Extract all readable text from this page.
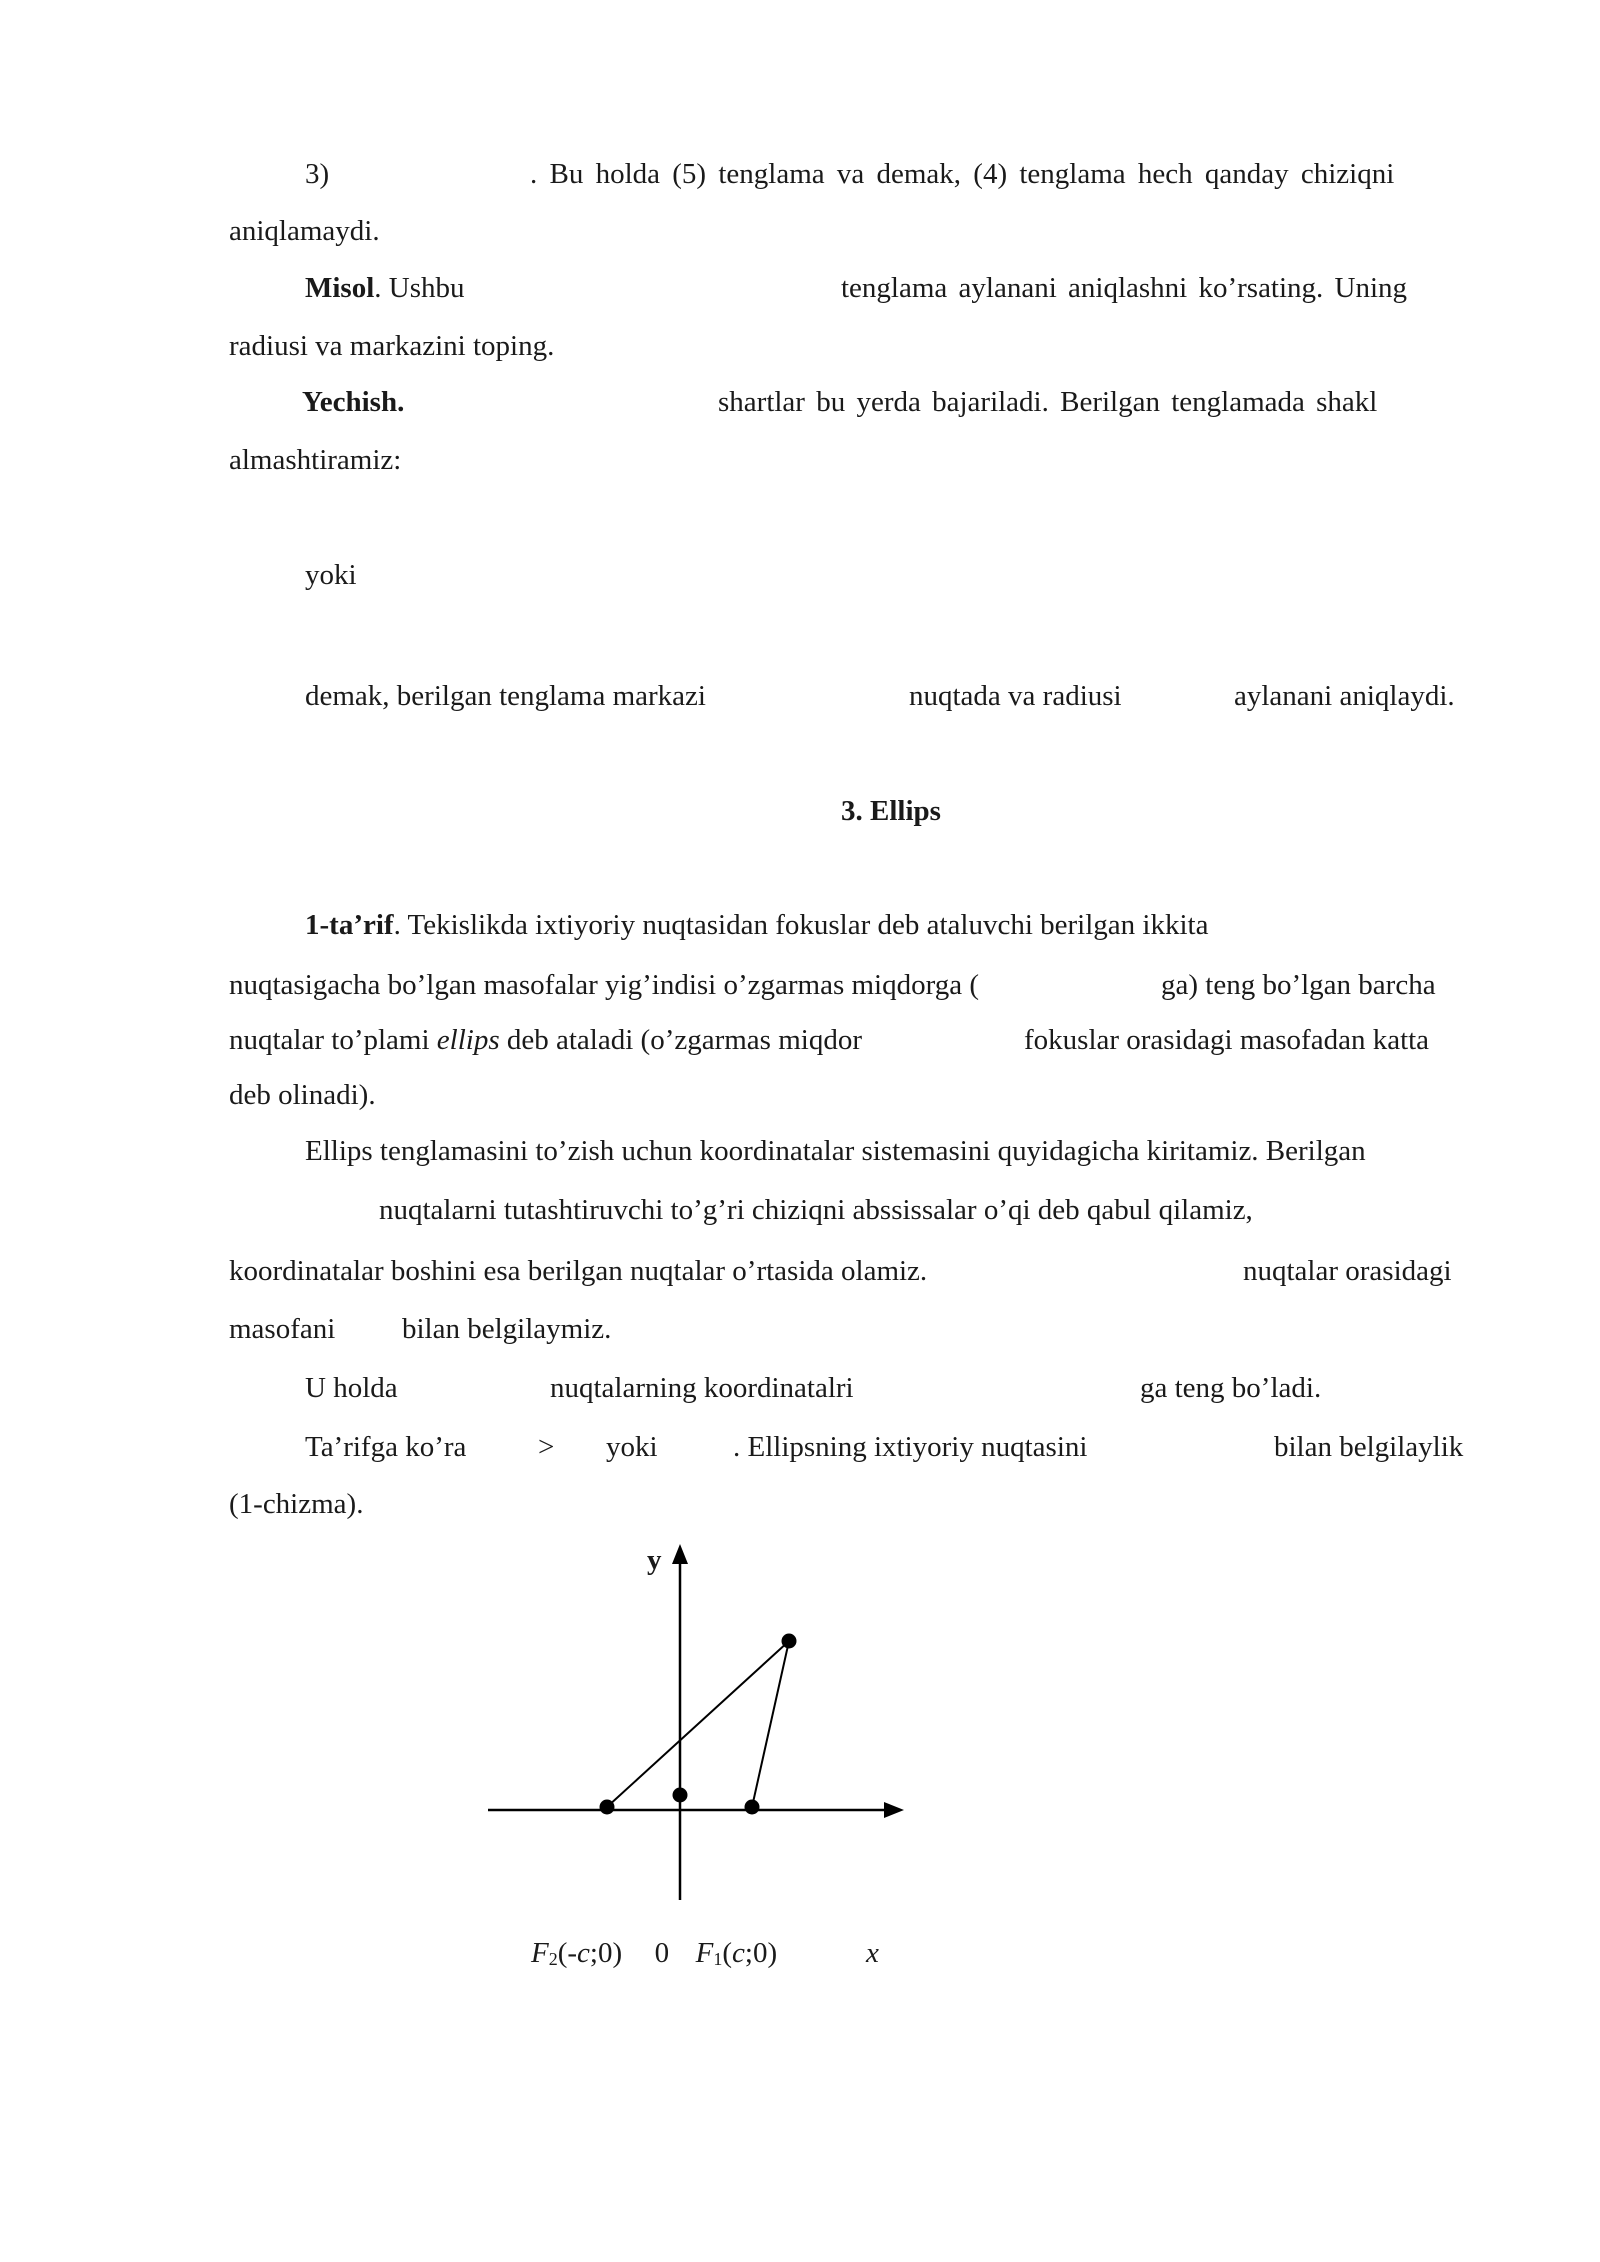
3)	. Bu holda (5) tenglama va demak, (4) tenglama hech qanday chiziqni
aniqlamaydi.
Misol. Ushbu	tenglama aylanani aniqlashni ko’rsating. Uning
radiusi va markazini toping.
Yechish.	shartlar bu yerda bajariladi. Berilgan tenglamada shakl
almashtiramiz:
yoki
demak, berilgan tenglama markazi	nuqtada va radiusi	aylanani aniqlaydi.
3. Ellips
1-ta’rif. Tekislikda ixtiyoriy nuqtasidan fokuslar deb ataluvchi berilgan ikkita
nuqtasigacha bo’lgan masofalar yig’indisi o’zgarmas miqdorga (	ga) teng bo’lgan barcha
nuqtalar to’plami ellips deb ataladi (o’zgarmas miqdor	fokuslar orasidagi masofadan katta
deb olinadi).
Ellips tenglamasini to’zish uchun koordinatalar sistemasini quyidagicha kiritamiz. Berilgan
nuqtalarni tutashtiruvchi to’g’ri chiziqni abssissalar o’qi deb qabul qilamiz,
koordinatalar boshini esa berilgan nuqtalar o’rtasida olamiz.	nuqtalar orasidagi
masofani bilan belgilaymiz.
U holda	nuqtalarning koordinatalri	ga teng bo’ladi.
Ta’rifga ko’ra > yoki	. Ellipsning ixtiyoriy nuqtasini	bilan belgilaylik
(1-chizma).
y
$F_2(-c;0)$ 0 $F_1(c;0)$	x
